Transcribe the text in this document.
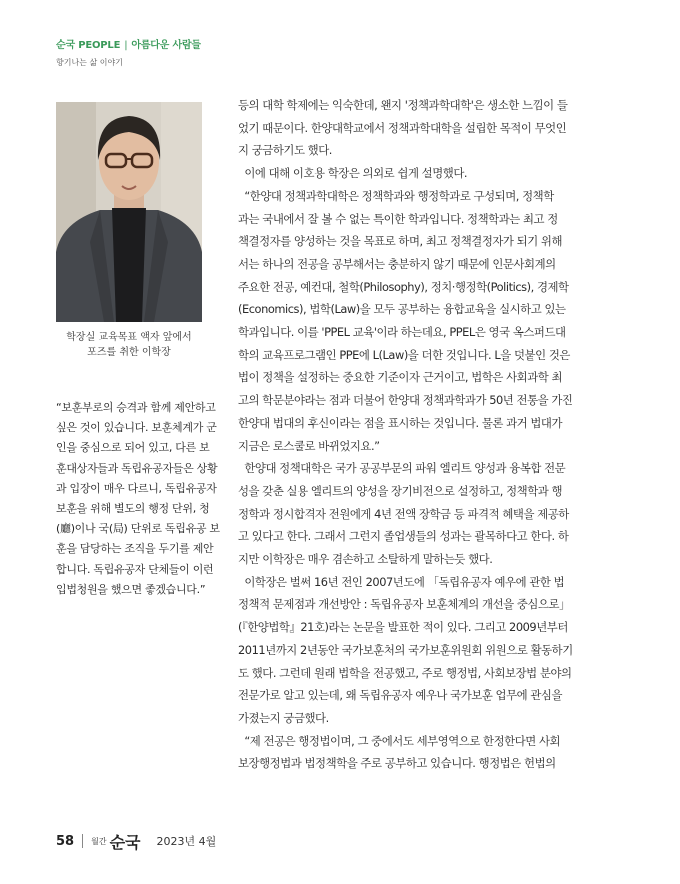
순국 PEOPLE | 아름다운 사람들
향기나는 삶 이야기
학장실 교육목표 액자 앞에서
포즈를 취한 이학장

“보훈부로의 승격과 함께 제안하고

싶은 것이 있습니다. 보훈체계가 군

인을 중심으로 되어 있고, 다른 보

훈대상자들과 독립유공자들은 상황

과 입장이 매우 다르니, 독립유공자

보훈을 위해 별도의 행정 단위, 청

(廳)이나 국(局) 단위로 독립유공 보

훈을 담당하는 조직을 두기를 제안

합니다. 독립유공자 단체들이 이런

입법청원을 했으면 좋겠습니다.”

등의 대학 학제에는 익숙한데, 왠지 '정책과학대학'은 생소한 느낌이 들

었기 때문이다. 한양대학교에서 정책과학대학을 설립한 목적이 무엇인

지 궁금하기도 했다.

이에 대해 이호용 학장은 의외로 쉽게 설명했다.

“한양대 정책과학대학은 정책학과와 행정학과로 구성되며, 정책학

과는 국내에서 잘 볼 수 없는 특이한 학과입니다. 정책학과는 최고 정

책결정자를 양성하는 것을 목표로 하며, 최고 정책결정자가 되기 위해

서는 하나의 전공을 공부해서는 충분하지 않기 때문에 인문사회계의

주요한 전공, 예컨대, 철학(Philosophy), 정치·행정학(Politics), 경제학

(Economics), 법학(Law)을 모두 공부하는 융합교육을 실시하고 있는

학과입니다. 이를 'PPEL 교육'이라 하는데요, PPEL은 영국 옥스퍼드대

학의 교육프로그램인 PPE에 L(Law)을 더한 것입니다. L을 덧붙인 것은

법이 정책을 설정하는 중요한 기준이자 근거이고, 법학은 사회과학 최

고의 학문분야라는 점과 더불어 한양대 정책과학과가 50년 전통을 가진

한양대 법대의 후신이라는 점을 표시하는 것입니다. 물론 과거 법대가

지금은 로스쿨로 바뀌었지요.”

한양대 정책대학은 국가 공공부문의 파워 엘리트 양성과 융복합 전문

성을 갖춘 실용 엘리트의 양성을 장기비전으로 설정하고, 정책학과 행

정학과 정시합격자 전원에게 4년 전액 장학금 등 파격적 혜택을 제공하

고 있다고 한다. 그래서 그런지 졸업생들의 성과는 괄목하다고 한다. 하

지만 이학장은 매우 겸손하고 소탈하게 말하는듯 했다.

이학장은 벌써 16년 전인 2007년도에 「독립유공자 예우에 관한 법

정책적 문제점과 개선방안 : 독립유공자 보훈체계의 개선을 중심으로」

(『한양법학』21호)라는 논문을 발표한 적이 있다. 그리고 2009년부터

2011년까지 2년동안 국가보훈처의 국가보훈위원회 위원으로 활동하기

도 했다. 그런데 원래 법학을 전공했고, 주로 행정법, 사회보장법 분야의

전문가로 알고 있는데, 왜 독립유공자 예우나 국가보훈 업무에 관심을

가졌는지 궁금했다.

“제 전공은 행정법이며, 그 중에서도 세부영역으로 한정한다면 사회

보장행정법과 법정책학을 주로 공부하고 있습니다. 행정법은 헌법의

58 월간 순국 2023년 4월
